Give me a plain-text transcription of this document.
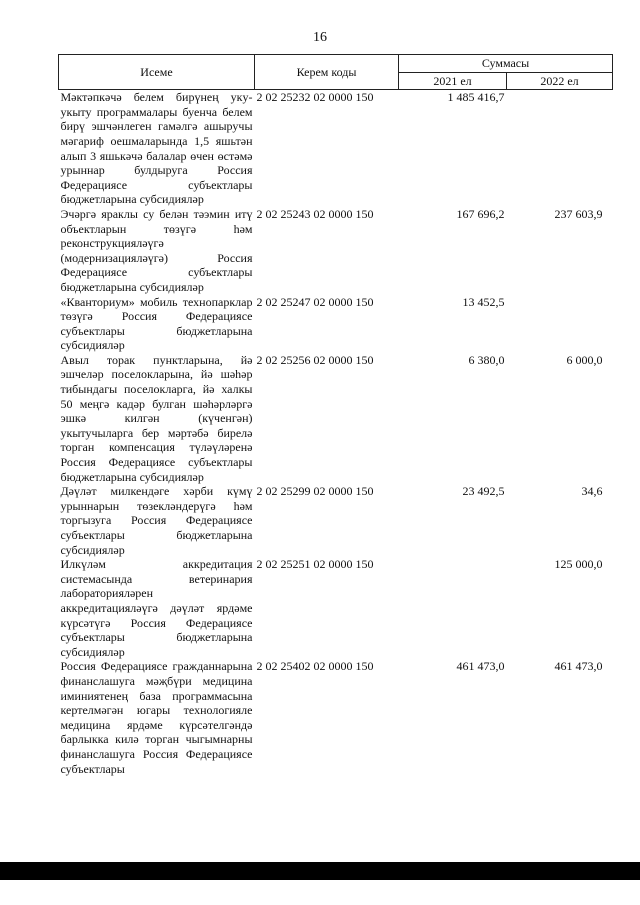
16
Исеме	Керем коды	Суммасы	
		2021 ел	2022 ел
Мәктәпкәчә белем бирүнең укy-укыту программалары буенча белем бирү эшчәнлеген гамәлгә ашыручы мәгариф оешмаларында 1,5 яшьтән алып 3 яшькәчә балалар өчен өстәмә урыннар булдыруга Россия Федерациясе субъектлары бюджетларына субсидияләр	2 02 25232 02 0000 150	1 485 416,7	
Эчәргә яраклы су белән тәэмин итү объектларын төзүгә һәм реконструкцияләүгә (модернизацияләүгә) Россия Федерациясе субъектлары бюджетларына субсидияләр	2 02 25243 02 0000 150	167 696,2	237 603,9
«Кванториум» мобиль технопарклар төзүгә Россия Федерациясе субъектлары бюджетларына субсидияләр	2 02 25247 02 0000 150	13 452,5	
Авыл торак пунктларына, йә эшчеләр поселокларына, йә шәһәр тибындагы поселокларга, йә халкы 50 меңгә кадәр булган шәһәрләргә эшкә килгән (күченгән) укытучыларга бер мәртәбә бирелә торган компенсация түләүләренә Россия Федерациясе субъектлары бюджетларына субсидияләр	2 02 25256 02 0000 150	6 380,0	6 000,0
Дәүләт милкендәге хәрби күмү урыннарын төзекләндерүгә һәм торгызуга Россия Федерациясе субъектлары бюджетларына субсидияләр	2 02 25299 02 0000 150	23 492,5	34,6
Илкүләм аккредитация системасында ветеринария лабораторияләрен аккредитацияләүгә дәүләт ярдәме күрсәтүгә Россия Федерациясе субъектлары бюджетларына субсидияләр	2 02 25251 02 0000 150		125 000,0
Россия Федерациясе гражданнарына финанслашуга мәҗбүри медицина иминиятенең база программасына кертелмәгән югары технологияле медицина ярдәме күрсәтелгәндә барлыкка килә торган чыгымнарны финанслашуга Россия Федерациясе субъектлары	2 02 25402 02 0000 150	461 473,0	461 473,0
